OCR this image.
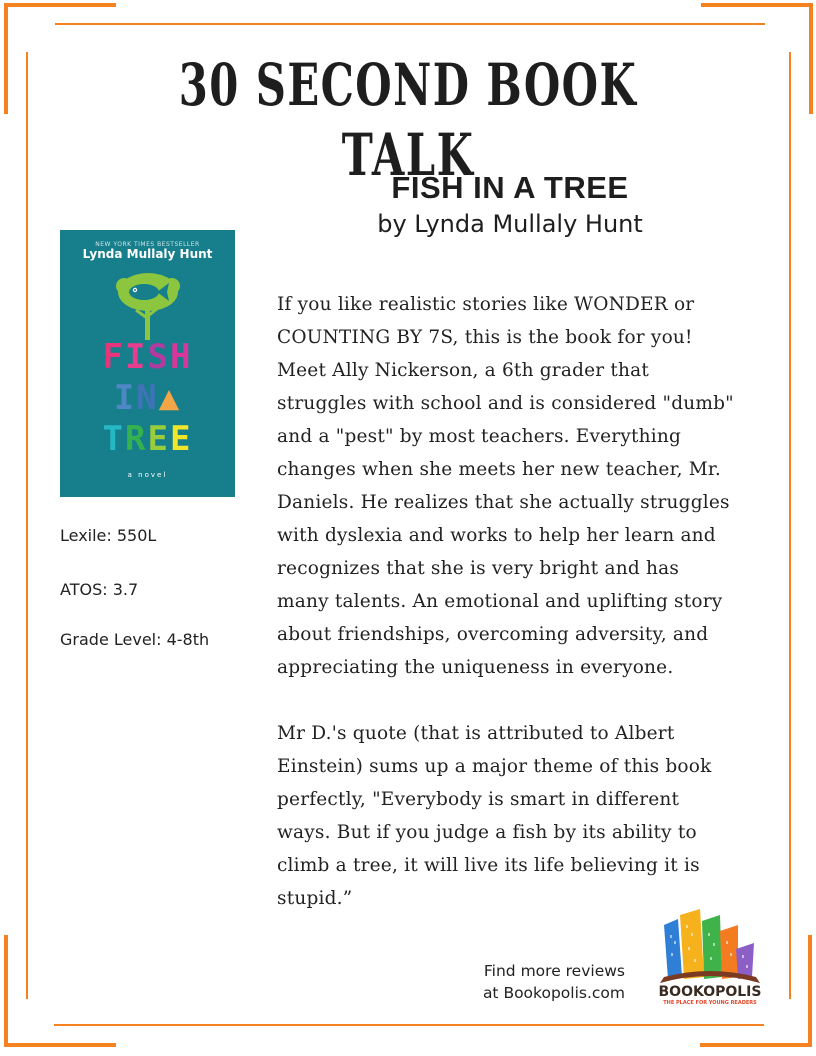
30 SECOND BOOK TALK
FISH IN A TREE
by Lynda Mullaly Hunt
NEW YORK TIMES BESTSELLER
Lynda Mullaly Hunt
FISH
IN▲
TREE
a novel
Lexile: 550L
ATOS: 3.7
Grade Level: 4-8th
If you like realistic stories like WONDER or
COUNTING BY 7S, this is the book for you!
Meet Ally Nickerson, a 6th grader that
struggles with school and is considered "dumb"
and a "pest" by most teachers. Everything
changes when she meets her new teacher, Mr.
Daniels. He realizes that she actually struggles
with dyslexia and works to help her learn and
recognizes that she is very bright and has
many talents. An emotional and uplifting story
about friendships, overcoming adversity, and
appreciating the uniqueness in everyone.
Mr D.'s quote (that is attributed to Albert
Einstein) sums up a major theme of this book
perfectly, "Everybody is smart in different
ways. But if you judge a fish by its ability to
climb a tree, it will live its life believing it is
stupid.”
Find more reviews
at Bookopolis.com BOOKOPOLIS
THE PLACE FOR YOUNG READERS
